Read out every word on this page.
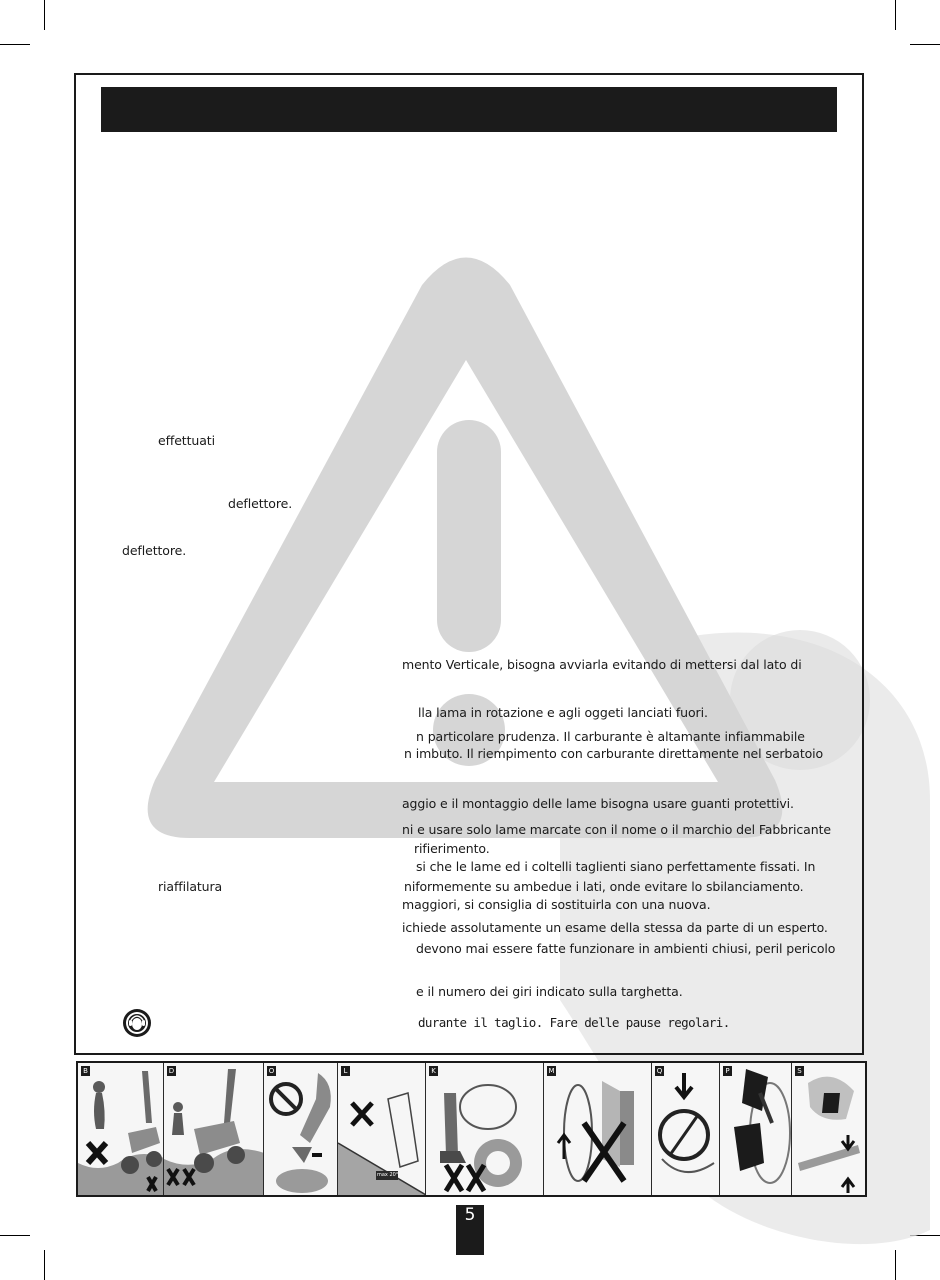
effettuati
deflettore.
deflettore.
riaffilatura
mento Verticale, bisogna avviarla evitando di mettersi dal lato di
lla lama in rotazione e agli oggeti lanciati fuori.
n particolare prudenza. Il carburante è altamante infiammabile
n imbuto. Il riempimento con carburante direttamente nel serbatoio
aggio e il montaggio delle lame bisogna usare guanti protettivi.
ni e usare solo lame marcate con il nome o il marchio del Fabbricante
rifierimento.
si che le lame ed i coltelli taglienti siano perfettamente fissati. In
niformemente su ambedue i lati, onde evitare lo sbilanciamento.
maggiori, si consiglia di sostituirla con una nuova.
ichiede assolutamente un esame della stessa da parte di un esperto.
devono mai essere fatte funzionare in ambienti chiusi, peril pericolo
e il numero dei giri indicato sulla targhetta.
durante il taglio. Fare delle pause regolari.
B	D	O	L
max 20°
K	M	Q	P	S
5
